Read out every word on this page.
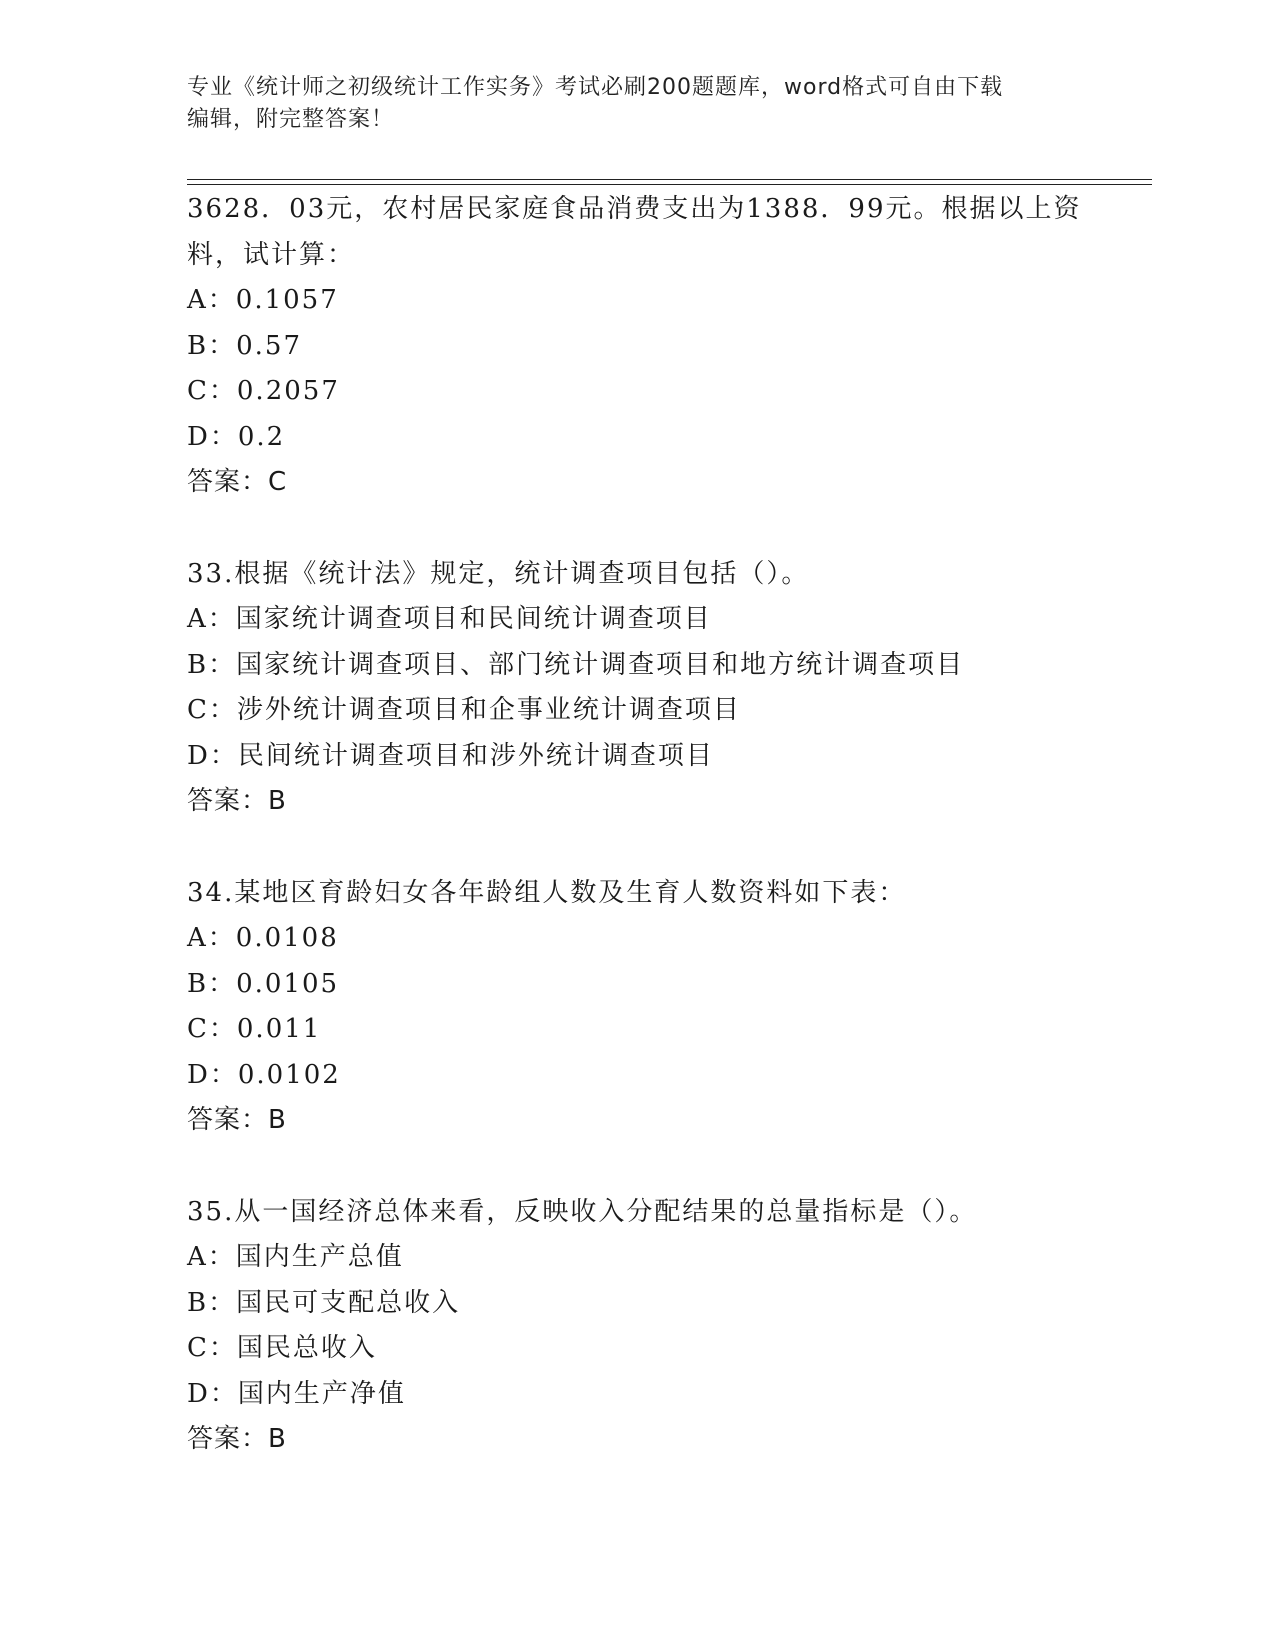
专业《统计师之初级统计工作实务》考试必刷200题题库，word格式可自由下载
编辑，附完整答案！
3628．03元，农村居民家庭食品消费支出为1388．99元。根据以上资
料，试计算：
A：0.1057
B：0.57
C：0.2057
D：0.2
答案：C
33.根据《统计法》规定，统计调查项目包括（）。
A：国家统计调查项目和民间统计调查项目
B：国家统计调查项目、部门统计调查项目和地方统计调查项目
C：涉外统计调查项目和企事业统计调查项目
D：民间统计调查项目和涉外统计调查项目
答案：B
34.某地区育龄妇女各年龄组人数及生育人数资料如下表：
A：0.0108
B：0.0105
C：0.011
D：0.0102
答案：B
35.从一国经济总体来看，反映收入分配结果的总量指标是（）。
A：国内生产总值
B：国民可支配总收入
C：国民总收入
D：国内生产净值
答案：B
